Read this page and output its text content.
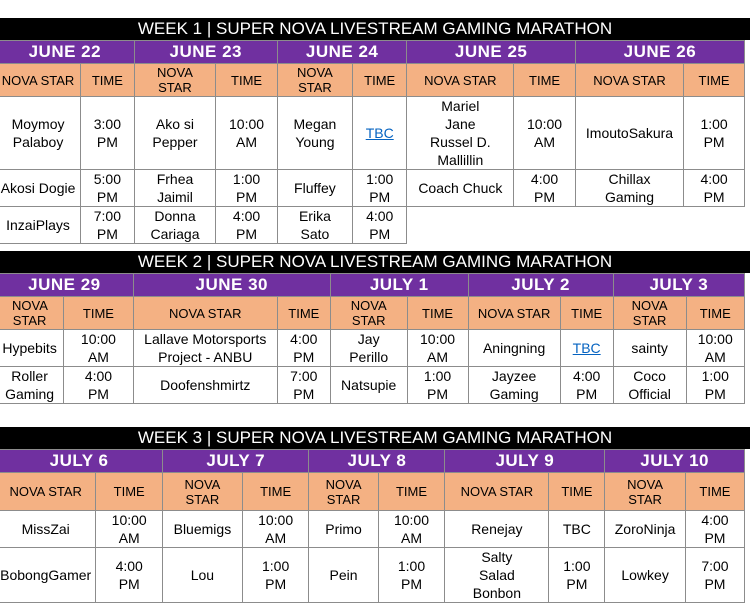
WEEK 1 | SUPER NOVA LIVESTREAM GAMING MARATHON
JUNE 22		JUNE 23		JUNE 24		JUNE 25		JUNE 26	
NOVA STAR	TIME	NOVA STAR	TIME	NOVA STAR	TIME	NOVA STAR	TIME	NOVA STAR	TIME
Moymoy Palaboy	3:00 PM	Ako si Pepper	10:00 AM	Megan Young	TBC	Mariel Jane Russel D. Mallillin	10:00 AM	ImoutoSakura	1:00 PM
Akosi Dogie	5:00 PM	Frhea Jaimil	1:00 PM	Fluffey	1:00 PM	Coach Chuck	4:00 PM	Chillax Gaming	4:00 PM
InzaiPlays	7:00 PM	Donna Cariaga	4:00 PM	Erika Sato	4:00 PM				
WEEK 2 | SUPER NOVA LIVESTREAM GAMING MARATHON
JUNE 29		JUNE 30		JULY 1		JULY 2		JULY 3	
NOVA STAR	TIME	NOVA STAR	TIME	NOVA STAR	TIME	NOVA STAR	TIME	NOVA STAR	TIME
Hypebits	10:00 AM	Lallave Motorsports Project - ANBU	4:00 PM	Jay Perillo	10:00 AM	Aningning	TBC	sainty	10:00 AM
Roller Gaming	4:00 PM	Doofenshmirtz	7:00 PM	Natsupie	1:00 PM	Jayzee Gaming	4:00 PM	Coco Official	1:00 PM
WEEK 3 | SUPER NOVA LIVESTREAM GAMING MARATHON
JULY 6		JULY 7		JULY 8		JULY 9		JULY 10	
NOVA STAR	TIME	NOVA STAR	TIME	NOVA STAR	TIME	NOVA STAR	TIME	NOVA STAR	TIME
MissZai	10:00 AM	Bluemigs	10:00 AM	Primo	10:00 AM	Renejay	TBC	ZoroNinja	4:00 PM
BobongGamer	4:00 PM	Lou	1:00 PM	Pein	1:00 PM	Salty Salad Bonbon	1:00 PM	Lowkey	7:00 PM
